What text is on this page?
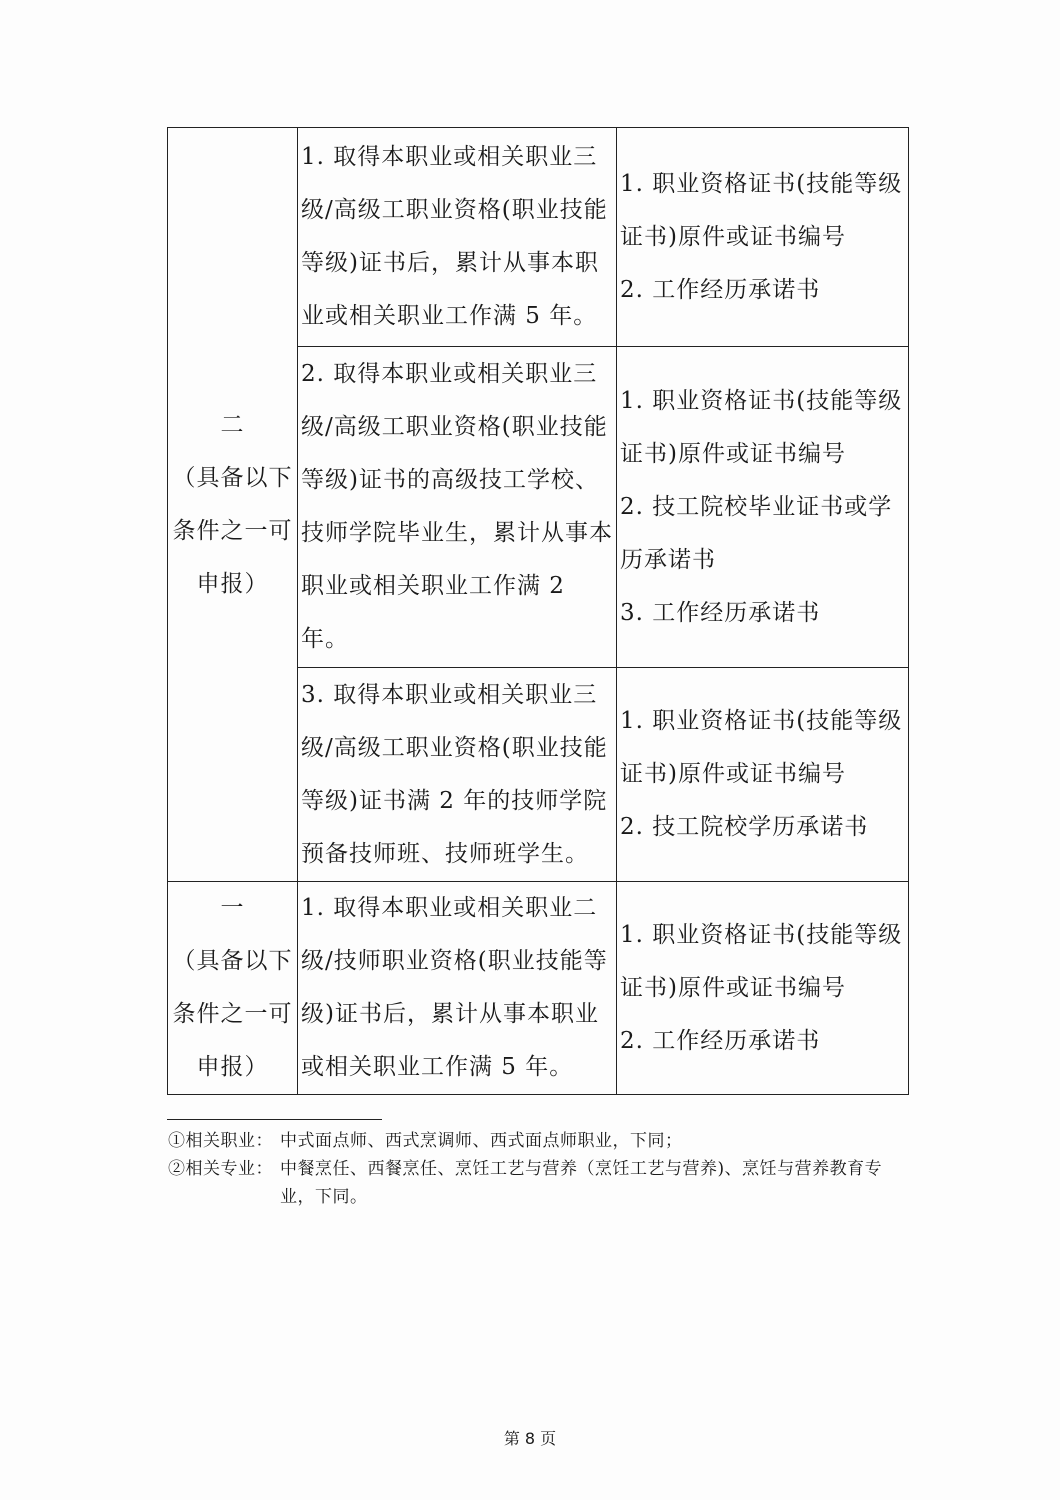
二
（具备以下
条件之一可
申报）	1. 取得本职业或相关职业三级/高级工职业资格(职业技能等级)证书后，累计从事本职业或相关职业工作满 5 年。	1. 职业资格证书(技能等级证书)原件或证书编号
2. 工作经历承诺书

	2. 取得本职业或相关职业三级/高级工职业资格(职业技能等级)证书的高级技工学校、技师学院毕业生，累计从事本职业或相关职业工作满 2 年。	1. 职业资格证书(技能等级证书)原件或证书编号
2. 技工院校毕业证书或学历承诺书
3. 工作经历承诺书

	3. 取得本职业或相关职业三级/高级工职业资格(职业技能等级)证书满 2 年的技师学院预备技师班、技师班学生。	1. 职业资格证书(技能等级证书)原件或证书编号
2. 技工院校学历承诺书

一
（具备以下
条件之一可
申报）	1. 取得本职业或相关职业二级/技师职业资格(职业技能等级)证书后，累计从事本职业或相关职业工作满 5 年。	1. 职业资格证书(技能等级证书)原件或证书编号
2. 工作经历承诺书
①相关职业： 中式面点师、西式烹调师、西式面点师职业，下同；
②相关专业： 中餐烹任、西餐烹任、烹饪工艺与营养（烹饪工艺与营养)、烹饪与营养教育专业，下同。
第 8 页
